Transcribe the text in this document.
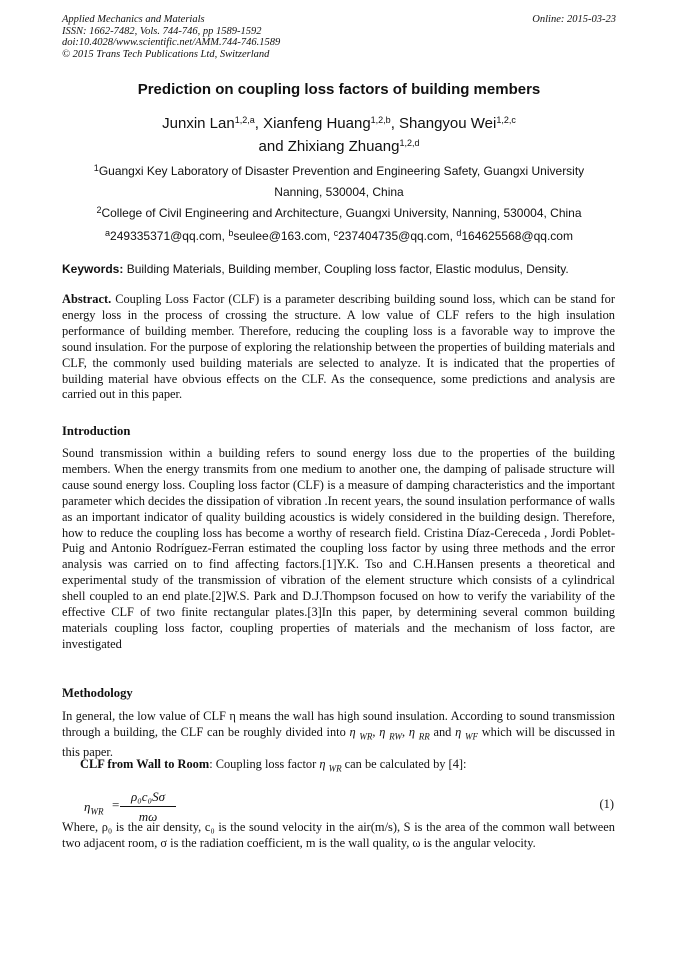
Applied Mechanics and Materials
ISSN: 1662-7482, Vols. 744-746, pp 1589-1592
doi:10.4028/www.scientific.net/AMM.744-746.1589
© 2015 Trans Tech Publications Ltd, Switzerland
Online: 2015-03-23
Prediction on coupling loss factors of building members
Junxin Lan$^{1,2,a}$, Xianfeng Huang$^{1,2,b}$, Shangyou Wei$^{1,2,c}$
and Zhixiang Zhuang$^{1,2,d}$
$^1$Guangxi Key Laboratory of Disaster Prevention and Engineering Safety, Guangxi University
Nanning, 530004, China
$^2$College of Civil Engineering and Architecture, Guangxi University, Nanning, 530004, China
$^a$249335371@qq.com, $^b$seulee@163.com, $^c$237404735@qq.com, $^d$164625568@qq.com
Keywords: Building Materials, Building member, Coupling loss factor, Elastic modulus, Density.
Abstract. Coupling Loss Factor (CLF) is a parameter describing building sound loss, which can be stand for energy loss in the process of crossing the structure. A low value of CLF refers to the high insulation performance of building member. Therefore, reducing the coupling loss is a favorable way to improve the sound insulation. For the purpose of exploring the relationship between the properties of building materials and CLF, the commonly used building materials are selected to analyze. It is indicated that the properties of building material have obvious effects on the CLF. As the consequence, some predictions and analysis are carried out in this paper.
Introduction
Sound transmission within a building refers to sound energy loss due to the properties of the building members. When the energy transmits from one medium to another one, the damping of palisade structure will cause sound energy loss. Coupling loss factor (CLF) is a measure of damping characteristics and the important parameter which decides the dissipation of vibration .In recent years, the sound insulation performance of walls as an important indicator of quality building acoustics is widely considered in the building design. Therefore, how to reduce the coupling loss has become a worthy of research field. Cristina Díaz-Cereceda , Jordi Poblet-Puig and Antonio Rodríguez-Ferran estimated the coupling loss factor by using three methods and the error analysis was carried on to find affecting factors.[1]Y.K. Tso and C.H.Hansen presents a theoretical and experimental study of the transmission of vibration of the element structure which consists of a cylindrical shell coupled to an end plate.[2]W.S. Park and D.J.Thompson focused on how to verify the variability of the effective CLF of two finite rectangular plates.[3]In this paper, by determining several common building materials coupling loss factor, coupling properties of materials and the mechanism of loss factor, are investigated
Methodology
In general, the low value of CLF η means the wall has high sound insulation. According to sound transmission through a building, the CLF can be roughly divided into η $_{WR}$, η $_{RW}$, η $_{RR}$ and η $_{WF}$ which will be discussed in this paper.
CLF from Wall to Room: Coupling loss factor η $_{WR}$ can be calculated by [4]:
$\eta_{WR}$	$\frac{\text{ρ₀c₀Sσ}}{m\omega}$
=	(1)
Where, ρ₀ is the air density, c₀ is the sound velocity in the air(m/s), S is the area of the common wall between two adjacent room, σ is the radiation coefficient, m is the wall quality, ω is the angular velocity.
